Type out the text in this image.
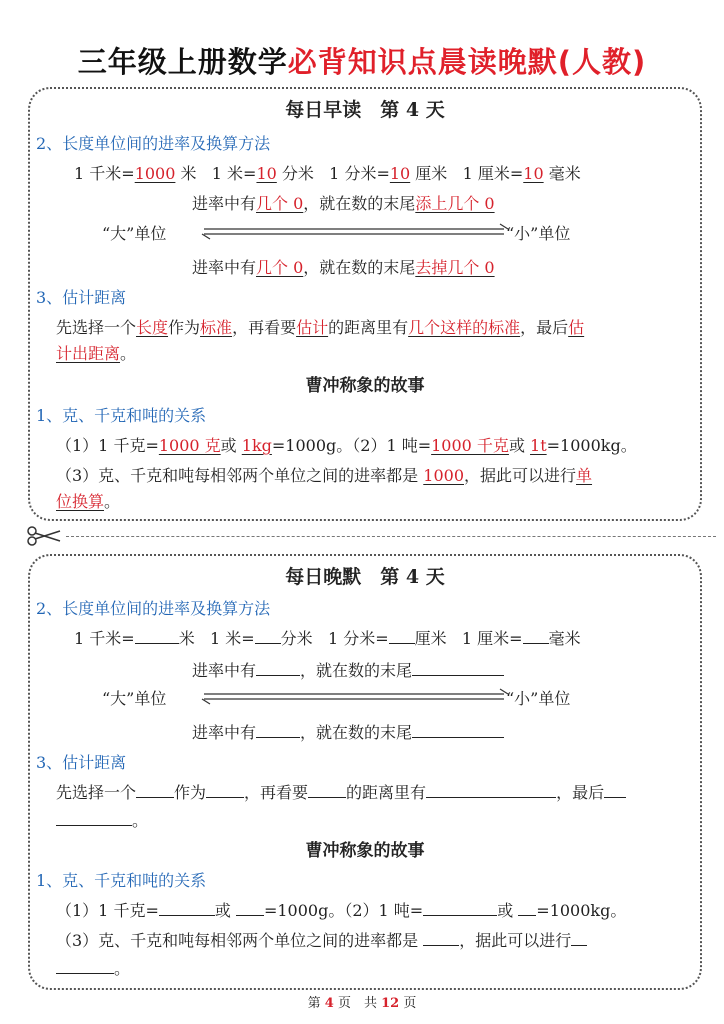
三年级上册数学必背知识点晨读晚默(人教)
每日早读　第 4 天
2、长度单位间的进率及换算方法
1 千米=1000 米 1 米=10 分米 1 分米=10 厘米 1 厘米=10 毫米
进率中有几个 0，就在数的末尾添上几个 0
“大”单位	“小”单位
进率中有几个 0，就在数的末尾去掉几个 0
3、估计距离
先选择一个长度作为标准，再看要估计的距离里有几个这样的标准，最后估
计出距离。
曹冲称象的故事
1、克、千克和吨的关系
（1）1 千克=1000 克或 1kg=1000g。（2）1 吨=1000 千克或 1t=1000kg。
（3）克、千克和吨每相邻两个单位之间的进率都是 1000，据此可以进行单
位换算。
每日晚默　第 4 天
2、长度单位间的进率及换算方法
1 千米=	米 1 米= 分米 1 分米= 厘米 1 厘米= 毫米
进率中有	，就在数的末尾
“大”单位	“小”单位
进率中有	，就在数的末尾
3、估计距离
先选择一个 作为 ，再看要 的距离里有	，最后
。
曹冲称象的故事
1、克、千克和吨的关系
（1）1 千克=	或 =1000g。（2）1 吨=	或 =1000kg。
（3）克、千克和吨每相邻两个单位之间的进率都是 ，据此可以进行
。
第 4 页　共 12 页
